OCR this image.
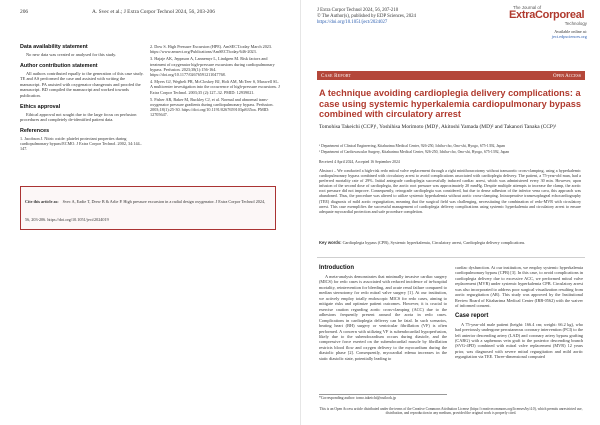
206	A. Svec et al.; J Extra Corpor Technol 2024, 56, 203-206
Data availability statement
No new data was created or analysed for this study.
Author contribution statement
All authors contributed equally to the generation of this case study. TE and AS performed the case and assisted with writing the manuscript. PA assisted with oxygenator changeouts and proofed the manuscript. BD compiled the manuscript and worked towards publication.
Ethics approval
Ethical approval not sought due to the large focus on perfusion procedures and completely de-identified patient data.
References
1. Jacobson J. Nitric oxide: platelet protectant properties during cardiopulmonary bypass/ECMO. J Extra Corpor Technol. 2002, 34:144–147.
2. Dow S. High Pressure Excursion (HPE). AmSECT.today March 2023. https://www.amsect.org/Publications/AmSECTtoday/646-2023.
3. Hajaje AK, Jeppsson A, Lannemyr L, Lindgren M. Risk factors and treatment of oxygenator high-pressure excursions during cardiopulmonary bypass. Perfusion. 2023;38(1):156-164. https://doi.org/10.1177/02676591211047768.
4. Myers GJ, Wegbelt PR, McCloskey BJ, Holt AM, McTeer S, Maxwell SL. A multicenter investigation into the occurrence of high-pressure excursions. J Extra Corpor Technol. 2003;35 (2):127–32. PMID: 12939021.
5. Fisher AR, Baker M, Buckley CJ, et al. Normal and abnormal trans-oxygenator pressure gradients during cardiopulmonary bypass. Perfusion. 2003;18(1):25-30. https://doi.org/10.1191/0267659103pf635oa. PMID: 12705647.
Cite this article as: Svec A, Eadie T, Drew B & Arlie P. High pressure excursion in a radial design oxygenator. J Extra Corpor Technol 2024, 56, 203-206. https://doi.org/10.1051/ject/2024019
J Extra Corpor Technol 2024, 56, 207-210
© The Author(s), published by EDP Sciences, 2024
https://doi.org/10.1051/ject/2024027
The Journal of
ExtraCorporeal
Technology
Available online at:
ject.edpsciences.org
Case Report	Open Access
A technique avoiding cardioplegia delivery complications: a case using systemic hyperkalemia cardiopulmonary bypass combined with circulatory arrest
Tomohisa Takeichi (CCP)¹, Yoshihisa Morimoto (MD)¹, Akitoshi Yamada (MD)² and Takanori Tanaka (CCP)¹
¹ Department of Clinical Engineering, Kitaharima Medical Center, 926-250, Ichiba-cho, Ono-shi, Hyogo, 675-1392, Japan
² Department of Cardiovascular Surgery, Kitaharima Medical Center, 926-250, Ichiba-cho, Ono-shi, Hyogo, 675-1392, Japan
Received 4 April 2024, Accepted 16 September 2024
Abstract – We conducted a high-risk redo mitral valve replacement through a right minithoracotomy without transaortic cross-clamping, using a hyperkalemic cardiopulmonary bypass combined with circulatory arrest to avoid complications associated with cardioplegia delivery. The patient, a 75-year-old man, had a preferred mortality rate of 29%. Initial antegrade cardioplegia successfully induced cardiac arrest, which was administered every 30 min. However, upon infusion of the second dose of cardioplegia, the aortic root pressure was approximately 20 mmHg. Despite multiple attempts to increase the clamp, the aortic root pressure did not improve. Consequently, retrograde cardioplegia was considered, but due to dense adhesion of the inferior vena cava, this approach was abandoned. Thus, the procedure was altered to utilize systemic hyperkalemia without aortic cross-clamping. Intraoperative transesophageal echocardiography (TEE) diagnosis of mild aortic regurgitation, meaning that the surgical field was challenging, necessitating the combination of redo-MVR with circulatory arrest. This case exemplifies the successful management of cardioplegia delivery complications using systemic hyperkalemia and circulatory arrest to ensure adequate myocardial protection and safe procedure completion.
Key words: Cardioplegia bypass (CPB), Systemic hyperkalemia, Circulatory arrest, Cardioplegia delivery complications.
Introduction
A meta-analysis demonstrates that minimally invasive cardiac surgery (MICS) for redo cases is associated with reduced incidence of in-hospital mortality, reintervention for bleeding, and acute renal failure compared to median sternotomy for redo mitral valve surgery [1]. At our institution, we actively employ totally endoscopic MICS for redo cases, aiming to mitigate risks and optimize patient outcomes. However, it is crucial to exercise caution regarding aortic cross-clamping (ACC) due to the adhesions frequently present around the aorta in redo cases. Complications in cardioplegia delivery can be fatal. In such scenarios, beating heart (BH) surgery or ventricular fibrillation (VF) is often performed. A concern with utilizing VF is subendocardial hypoperfusion, likely due to the subendocardium occurs during diastole, and the compressive force exerted on the subendocardial muscle by fibrillation restricts blood flow and oxygen delivery to the myocardium during the diastolic phase [2]. Consequently, myocardial edema increases in the static diastolic state, potentially leading to
*Corresponding author: tomo.takeichi@outlook.jp
cardiac dysfunction. At our institution, we employ systemic hyperkalemia cardiopulmonary bypass (CPB) [3]. In this case, to avoid complications in cardioplegia delivery due to excessive ACC, we performed mitral valve replacement (MVR) under systemic hyperkalemia CPB. Circulatory arrest was also incorporated to address poor surgical visualization resulting from aortic regurgitation (AR). This study was approved by the Institutional Review Board of Kitaharima Medical Center (IRB-0562) with the waiver of informed consent.
Case report
A 75-year-old male patient (height: 166.4 cm; weight: 66.2 kg), who had previously undergone percutaneous coronary intervention (PCI) to the left anterior descending artery (LAD) and coronary artery bypass grafting (CABG) with a saphenous vein graft to the posterior descending branch (SVG-4PD) combined with mitral valve replacement (MVR) 12 years prior, was diagnosed with severe mitral regurgitation and mild aortic regurgitation via TEE. Three-dimensional computed
This is an Open Access article distributed under the terms of the Creative Commons Attribution License (https://creativecommons.org/licenses/by/4.0), which permits unrestricted use, distribution, and reproduction in any medium, provided the original work is properly cited.
